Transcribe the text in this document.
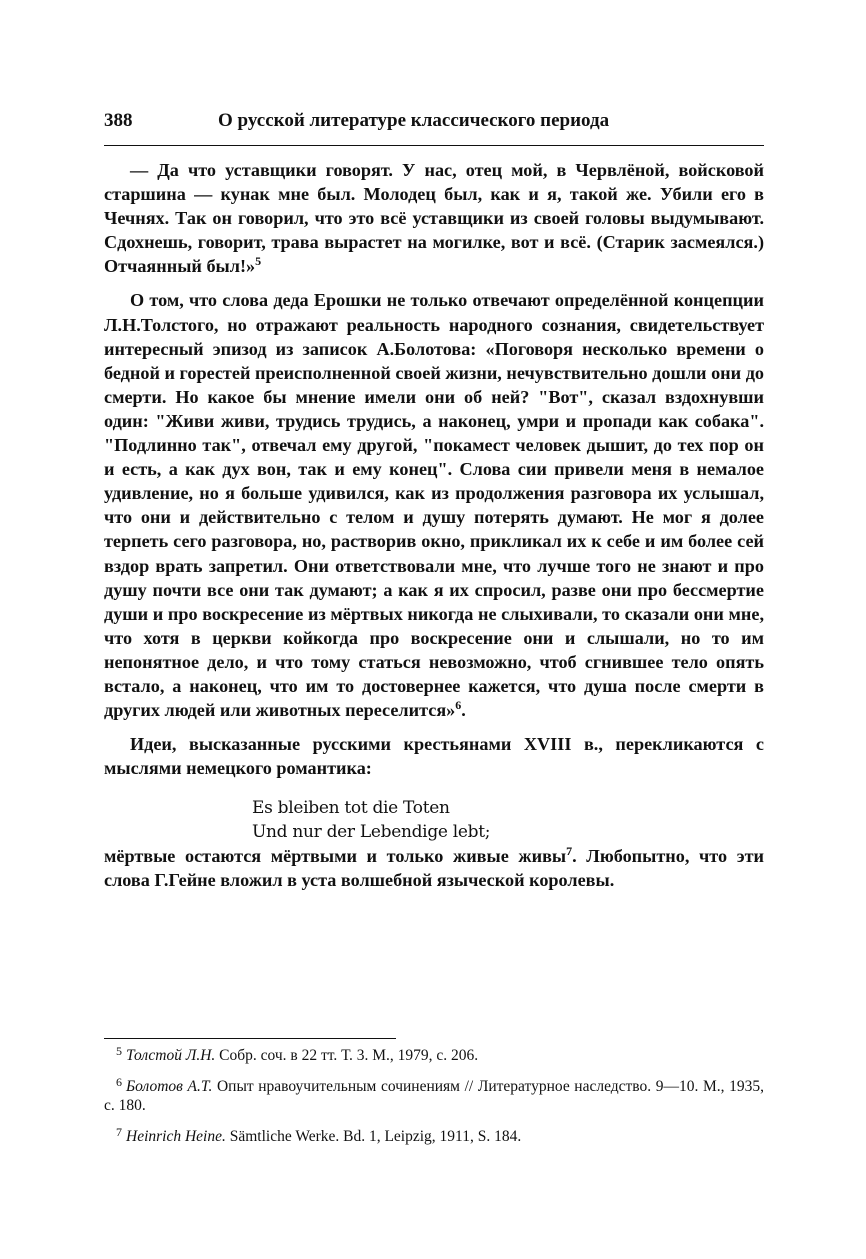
388	О русской литературе классического периода

— Да что уставщики говорят. У нас, отец мой, в Червлёной, войсковой старшина — кунак мне был. Молодец был, как и я, такой же. Убили его в Чечнях. Так он говорил, что это всё уставщики из своей головы выдумывают. Сдохнешь, говорит, трава вырастет на могилке, вот и всё. (Старик засмеялся.) Отчаянный был!»$^5$

О том, что слова деда Ерошки не только отвечают определённой концепции Л.Н.Толстого, но отражают реальность народного сознания, свидетельствует интересный эпизод из записок А.Болотова: «Поговоря несколько времени о бедной и горестей преисполненной своей жизни, нечувствительно дошли они до смерти. Но какое бы мнение имели они об ней? "Вот", сказал вздохнувши один: "Живи живи, трудись трудись, а наконец, умри и пропади как собака". "Подлинно так", отвечал ему другой, "покамест человек дышит, до тех пор он и есть, а как дух вон, так и ему конец". Слова сии привели меня в немалое удивление, но я больше удивился, как из продолжения разговора их услышал, что они и действительно с телом и душу потерять думают. Не мог я долее терпеть сего разговора, но, растворив окно, прикликал их к себе и им более сей вздор врать запретил. Они ответствовали мне, что лучше того не знают и про душу почти все они так думают; а как я их спросил, разве они про бессмертие души и про воскресение из мёртвых никогда не слыхивали, то сказали они мне, что хотя в церкви койкогда про воскресение они и слышали, но то им непонятное дело, и что тому статься невозможно, чтоб сгнившее тело опять встало, а наконец, что им то достовернее кажется, что душа после смерти в других людей или животных переселится»$^6$.

Идеи, высказанные русскими крестьянами XVIII в., перекликаются с мыслями немецкого романтика:

Es bleiben tot die Toten
Und nur der Lebendige lebt;

мёртвые остаются мёртвыми и только живые живы$^7$. Любопытно, что эти слова Г.Гейне вложил в уста волшебной языческой королевы.

$^5$ Толстой Л.Н. Собр. соч. в 22 тт. Т. 3. М., 1979, с. 206.

$^6$ Болотов А.Т. Опыт нравоучительным сочинениям // Литературное наследство. 9—10. М., 1935, с. 180.

$^7$ Heinrich Heine. Sämtliche Werke. Bd. 1, Leipzig, 1911, S. 184.
